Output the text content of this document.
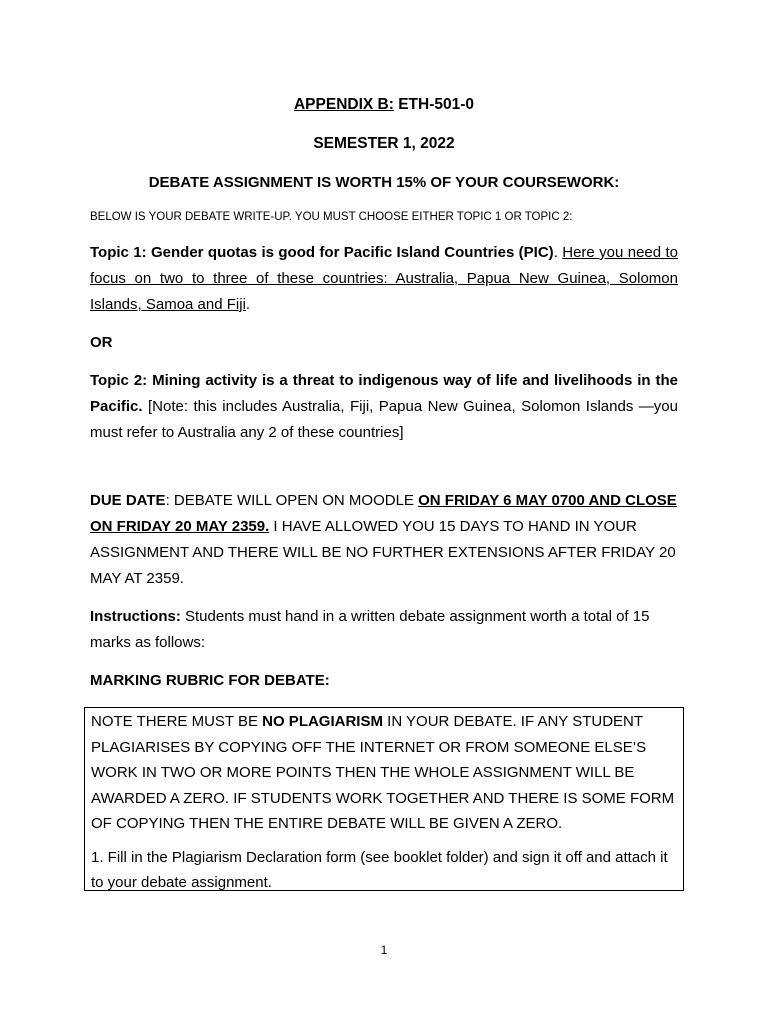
APPENDIX B: ETH-501-0
SEMESTER 1, 2022
DEBATE ASSIGNMENT IS WORTH 15% OF YOUR COURSEWORK:
BELOW IS YOUR DEBATE WRITE-UP. YOU MUST CHOOSE EITHER TOPIC 1 OR TOPIC 2:
Topic 1: Gender quotas is good for Pacific Island Countries (PIC). Here you need to focus on two to three of these countries: Australia, Papua New Guinea, Solomon Islands, Samoa and Fiji.
OR
Topic 2: Mining activity is a threat to indigenous way of life and livelihoods in the Pacific. [Note: this includes Australia, Fiji, Papua New Guinea, Solomon Islands —you must refer to Australia any 2 of these countries]
DUE DATE: DEBATE WILL OPEN ON MOODLE ON FRIDAY 6 MAY 0700 AND CLOSE ON FRIDAY 20 MAY 2359. I HAVE ALLOWED YOU 15 DAYS TO HAND IN YOUR ASSIGNMENT AND THERE WILL BE NO FURTHER EXTENSIONS AFTER FRIDAY 20 MAY AT 2359.
Instructions: Students must hand in a written debate assignment worth a total of 15 marks as follows:
MARKING RUBRIC FOR DEBATE:

NOTE THERE MUST BE NO PLAGIARISM IN YOUR DEBATE. IF ANY STUDENT PLAGIARISES BY COPYING OFF THE INTERNET OR FROM SOMEONE ELSE’S WORK IN TWO OR MORE POINTS THEN THE WHOLE ASSIGNMENT WILL BE AWARDED A ZERO. IF STUDENTS WORK TOGETHER AND THERE IS SOME FORM OF COPYING THEN THE ENTIRE DEBATE WILL BE GIVEN A ZERO.

1. Fill in the Plagiarism Declaration form (see booklet folder) and sign it off and attach it to your debate assignment.

1
